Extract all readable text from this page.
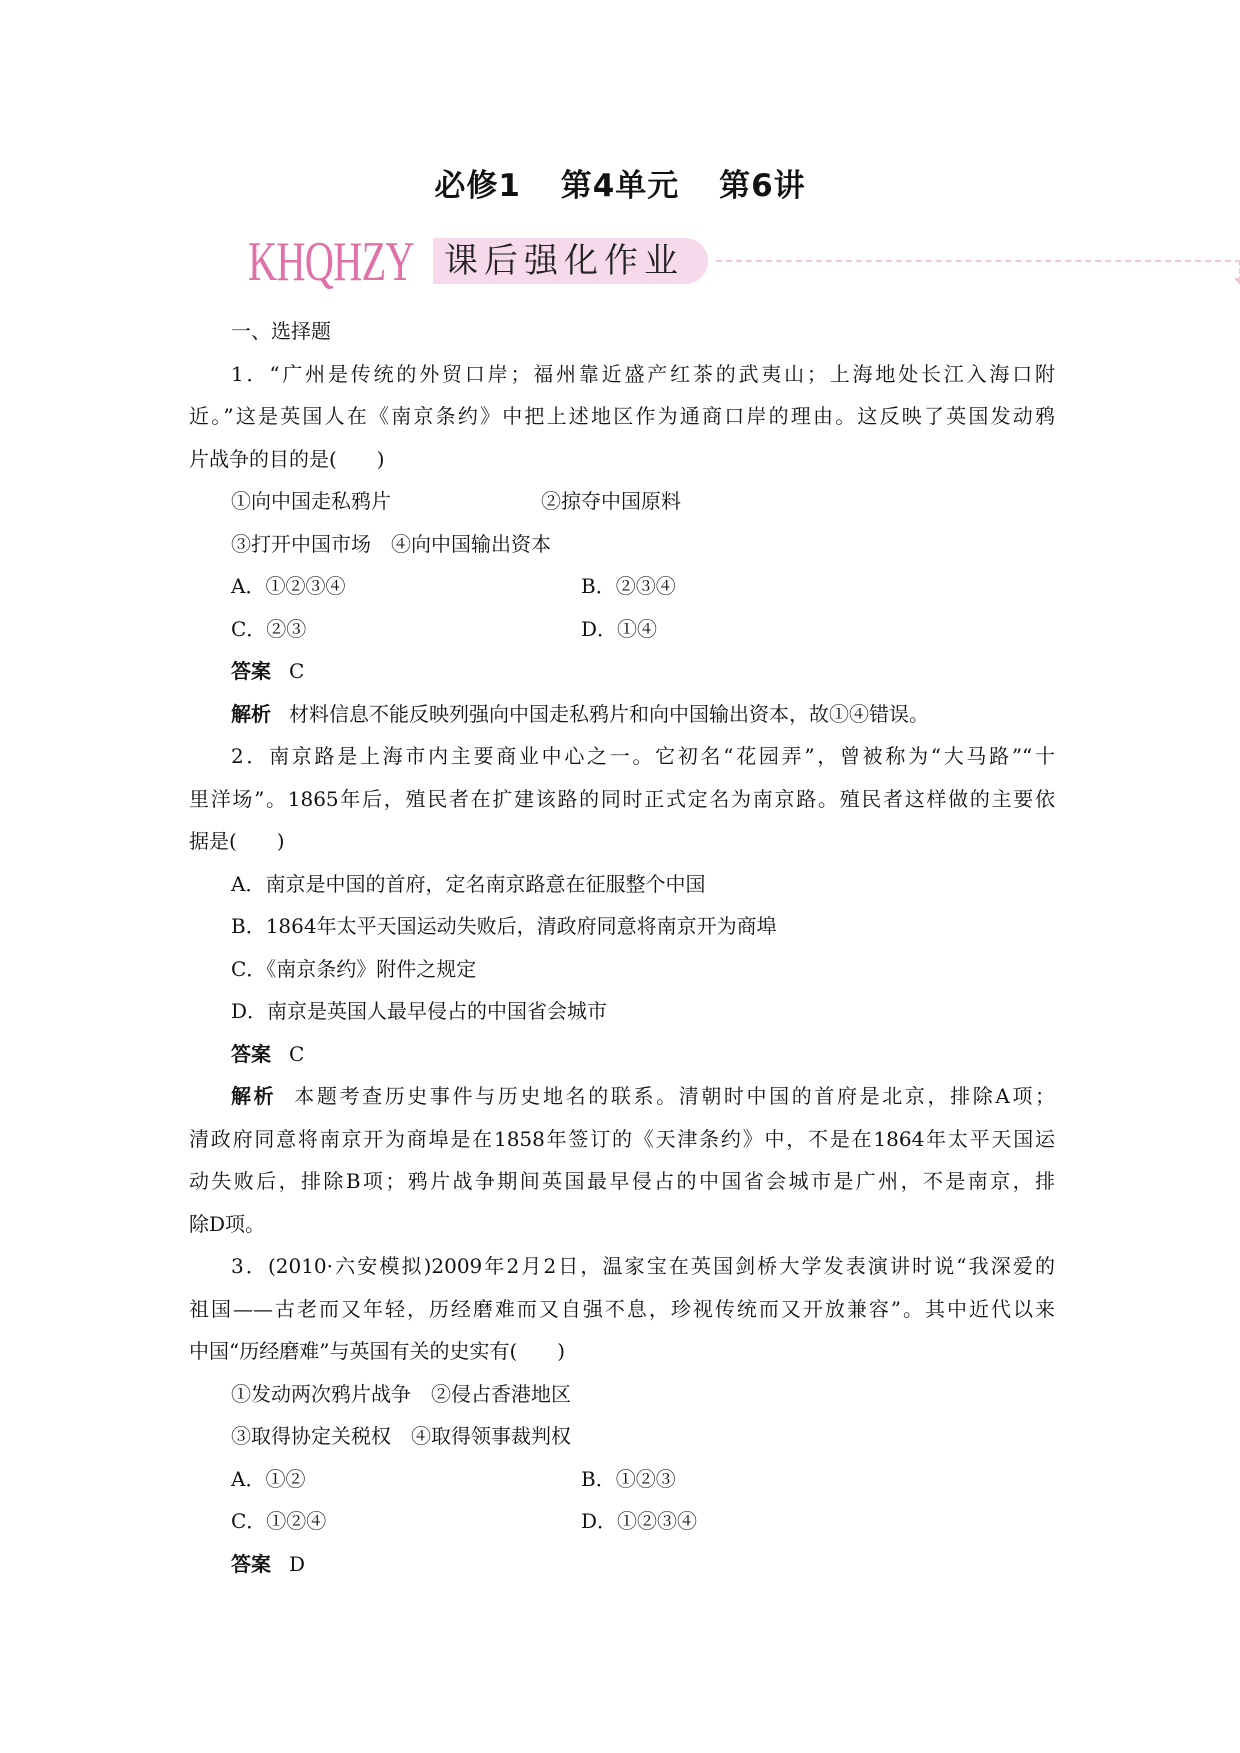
必修1 第4单元 第6讲
KHQHZY 课后强化作业
一、选择题
1．“广州是传统的外贸口岸；福州靠近盛产红茶的武夷山；上海地处长江入海口附
近。”这是英国人在《南京条约》中把上述地区作为通商口岸的理由。这反映了英国发动鸦
片战争的目的是(　　)
①向中国走私鸦片	②掠夺中国原料
③打开中国市场　 ④向中国输出资本
A．①②③④	B．②③④
C．②③	D．①④
答案 C
解析 材料信息不能反映列强向中国走私鸦片和向中国输出资本，故①④错误。
2．南京路是上海市内主要商业中心之一。它初名“花园弄”，曾被称为“大马路”“十
里洋场”。1865年后，殖民者在扩建该路的同时正式定名为南京路。殖民者这样做的主要依
据是(　　)
A．南京是中国的首府，定名南京路意在征服整个中国
B．1864年太平天国运动失败后，清政府同意将南京开为商埠
C．《南京条约》附件之规定
D．南京是英国人最早侵占的中国省会城市
答案 C
解析 本题考查历史事件与历史地名的联系。清朝时中国的首府是北京，排除A项；
清政府同意将南京开为商埠是在1858年签订的《天津条约》中，不是在1864年太平天国运
动失败后，排除B项；鸦片战争期间英国最早侵占的中国省会城市是广州，不是南京，排
除D项。
3．(2010·六安模拟)2009年2月2日，温家宝在英国剑桥大学发表演讲时说“我深爱的
祖国——古老而又年轻，历经磨难而又自强不息，珍视传统而又开放兼容”。其中近代以来
中国“历经磨难”与英国有关的史实有(　　)
①发动两次鸦片战争　 ②侵占香港地区
③取得协定关税权　 ④取得领事裁判权
A．①②	B．①②③
C．①②④	D．①②③④
答案 D
